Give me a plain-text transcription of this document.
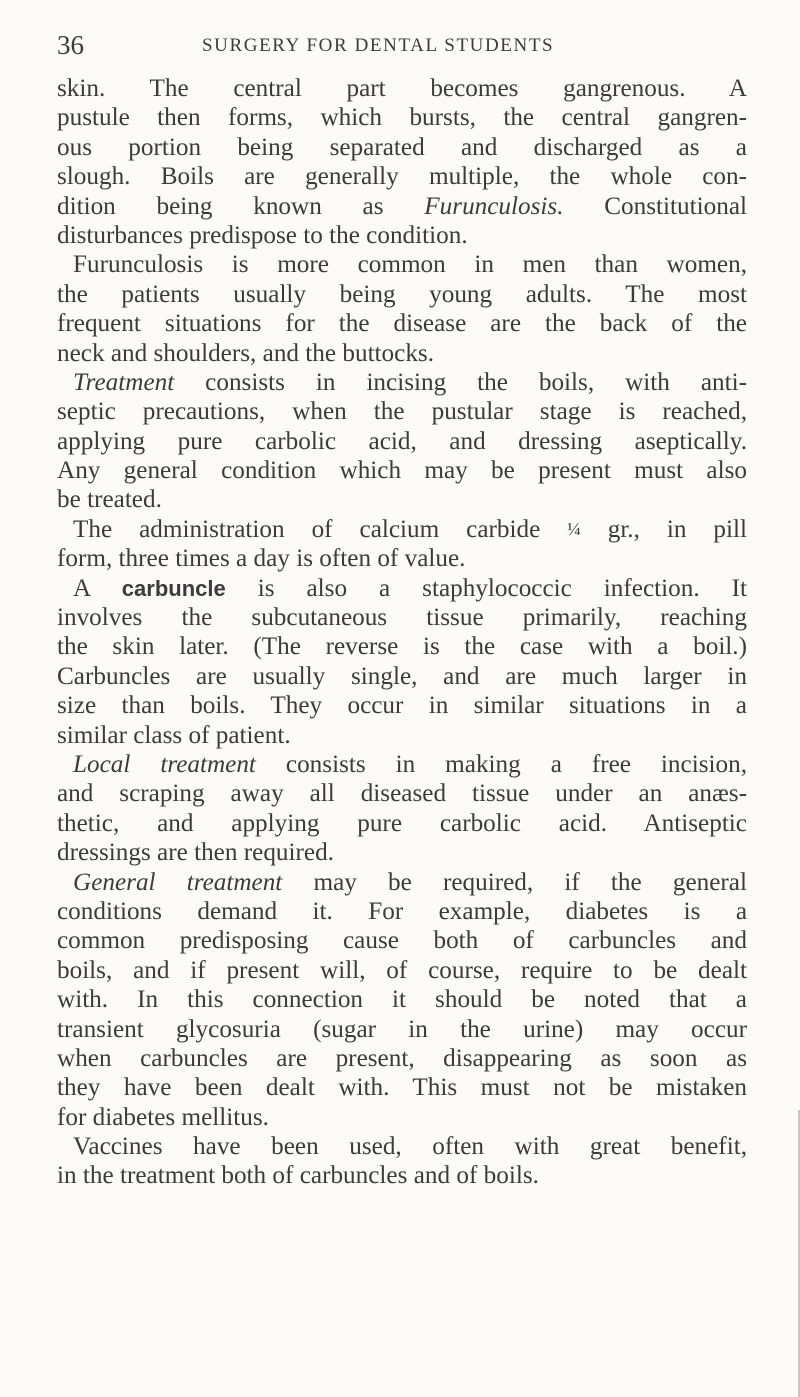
36	SURGERY FOR DENTAL STUDENTS
skin. The central part becomes gangrenous. A
pustule then forms, which bursts, the central gangren-
ous portion being separated and discharged as a
slough. Boils are generally multiple, the whole con-
dition being known as Furunculosis. Constitutional
disturbances predispose to the condition.
Furunculosis is more common in men than women,
the patients usually being young adults. The most
frequent situations for the disease are the back of the
neck and shoulders, and the buttocks.
Treatment consists in incising the boils, with anti-
septic precautions, when the pustular stage is reached,
applying pure carbolic acid, and dressing aseptically.
Any general condition which may be present must also
be treated.
The administration of calcium carbide ¼ gr., in pill
form, three times a day is often of value.
A carbuncle is also a staphylococcic infection. It
involves the subcutaneous tissue primarily, reaching
the skin later. (The reverse is the case with a boil.)
Carbuncles are usually single, and are much larger in
size than boils. They occur in similar situations in a
similar class of patient.
Local treatment consists in making a free incision,
and scraping away all diseased tissue under an anæs-
thetic, and applying pure carbolic acid. Antiseptic
dressings are then required.
General treatment may be required, if the general
conditions demand it. For example, diabetes is a
common predisposing cause both of carbuncles and
boils, and if present will, of course, require to be dealt
with. In this connection it should be noted that a
transient glycosuria (sugar in the urine) may occur
when carbuncles are present, disappearing as soon as
they have been dealt with. This must not be mistaken
for diabetes mellitus.
Vaccines have been used, often with great benefit,
in the treatment both of carbuncles and of boils.
